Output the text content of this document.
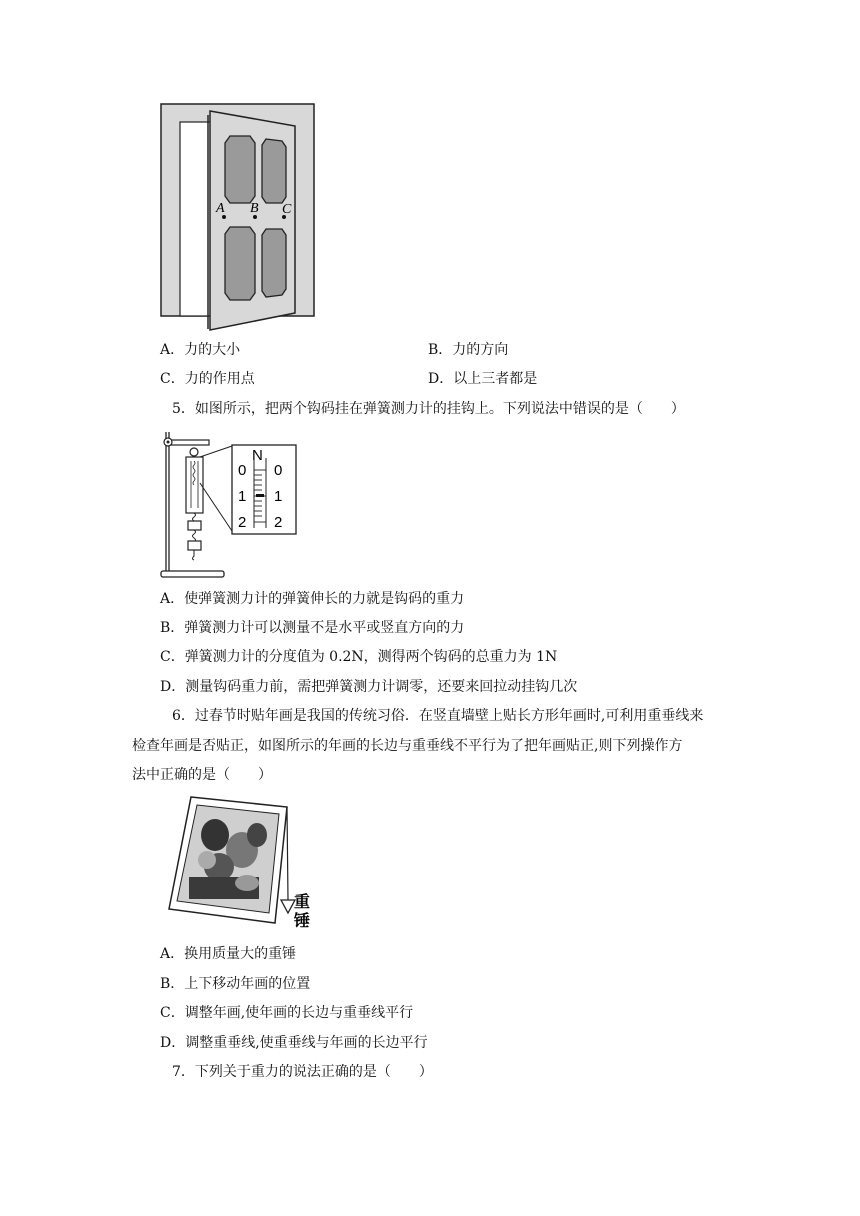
A B C
A．力的大小	B．力的方向
C．力的作用点	D．以上三者都是
5．如图所示，把两个钩码挂在弹簧测力计的挂钩上。下列说法中错误的是（　　）
N
0
1
2
0
1
2
A．使弹簧测力计的弹簧伸长的力就是钩码的重力
B．弹簧测力计可以测量不是水平或竖直方向的力
C．弹簧测力计的分度值为 0.2N，测得两个钩码的总重力为 1N
D．测量钩码重力前，需把弹簧测力计调零，还要来回拉动挂钩几次
6．过春节时贴年画是我国的传统习俗．在竖直墙壁上贴长方形年画时,可利用重垂线来
检查年画是否贴正，如图所示的年画的长边与重垂线不平行为了把年画贴正,则下列操作方
法中正确的是（　　）
重
锤
A．换用质量大的重锤
B．上下移动年画的位置
C．调整年画,使年画的长边与重垂线平行
D．调整重垂线,使重垂线与年画的长边平行
7．下列关于重力的说法正确的是（　　）
